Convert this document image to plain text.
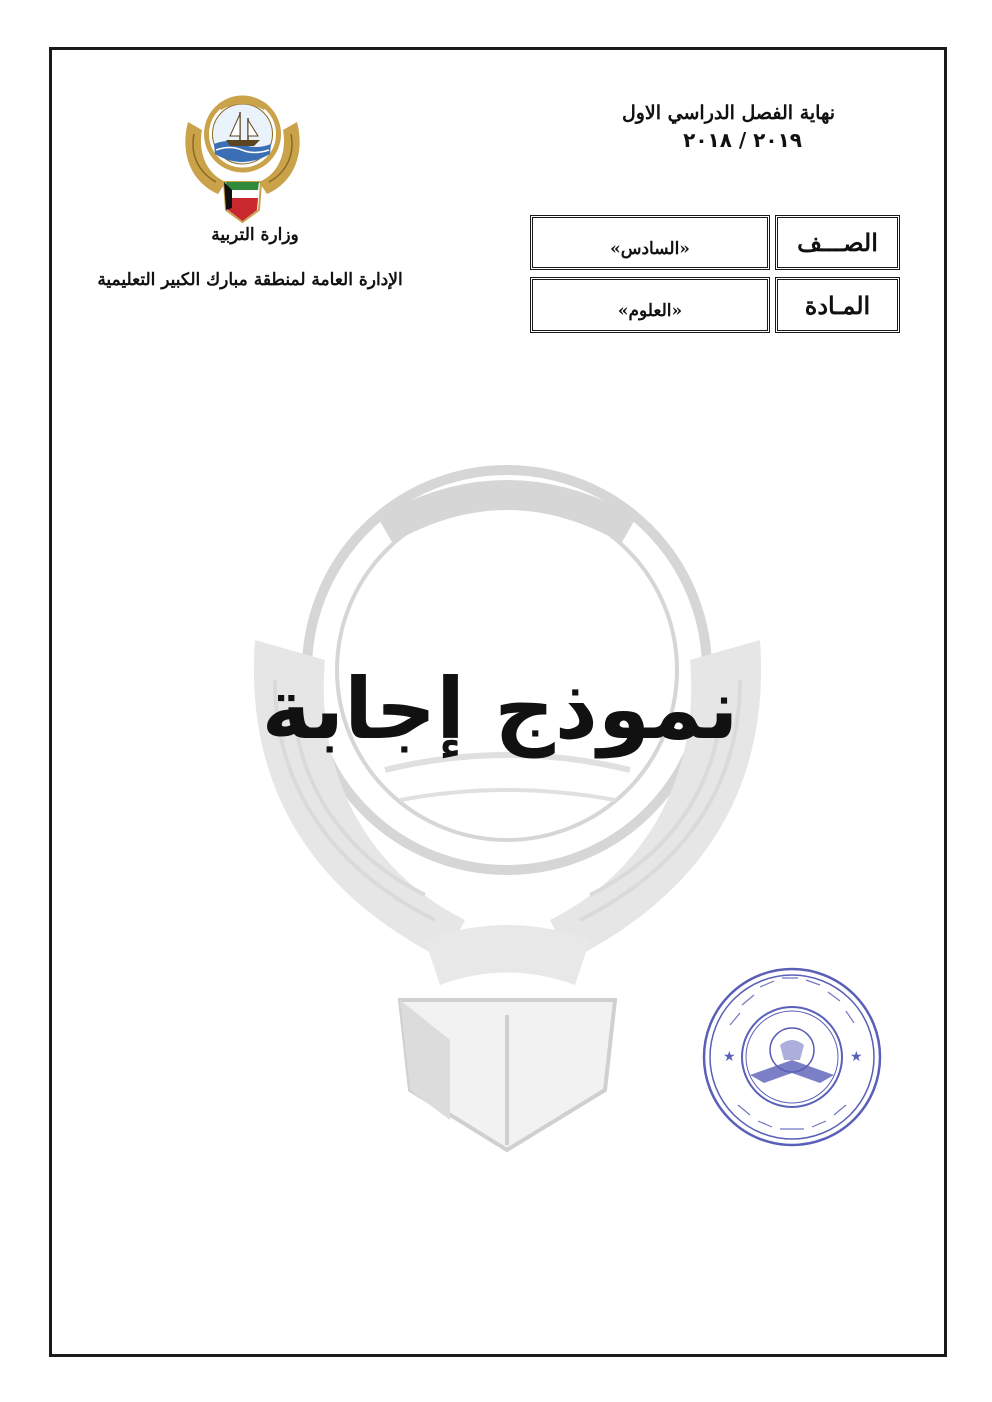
وزارة التربية
الإدارة العامة لمنطقة مبارك الكبير التعليمية
نهاية الفصل الدراسي الاول
٢٠١٩ / ٢٠١٨
الصـــف
«السادس»
المـادة
«العلوم»
نموذج إجابة
★	★
